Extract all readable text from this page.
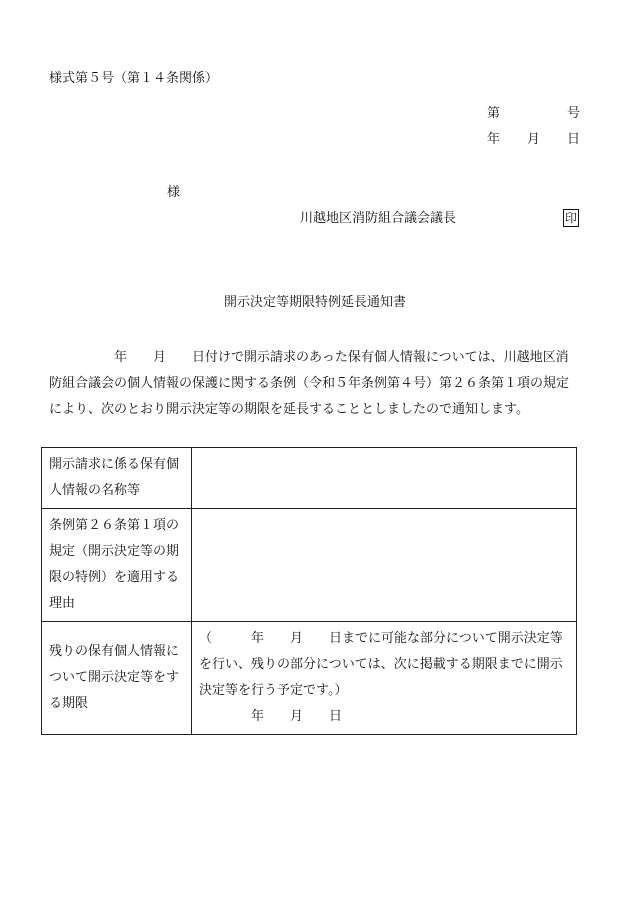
様式第５号（第１４条関係）
第	号
年 月 日
様
川越地区消防組合議会議長	印
開示決定等期限特例延長通知書
年　　月　　日付けで開示請求のあった保有個人情報については、川越地区消
防組合議会の個人情報の保護に関する条例（令和５年条例第４号）第２６条第１項の規定
により、次のとおり開示決定等の期限を延長することとしましたので通知します。
開示請求に係る保有個人情報の名称等	
条例第２６条第１項の規定（開示決定等の期限の特例）を適用する理由	
残りの保有個人情報について開示決定等をする期限	（　　　年　　月　　日までに可能な部分について開示決定等
を行い、残りの部分については、次に掲載する期限までに開示
決定等を行う予定です。）
年　　月　　日
